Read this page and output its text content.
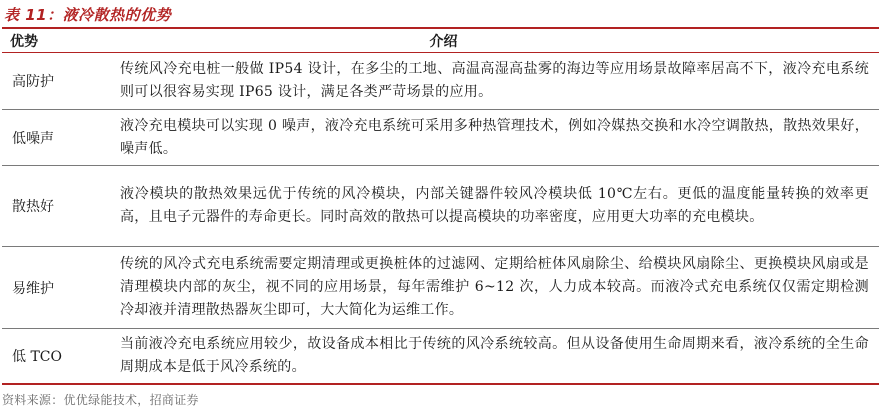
表 11：液冷散热的优势
优势	介绍
高防护
传统风冷充电桩一般做 IP54 设计，在多尘的工地、高温高湿高盐雾的海边等应用场景故障率居高不下，液冷充电系统则可以很容易实现 IP65 设计，满足各类严苛场景的应用。
低噪声
液冷充电模块可以实现 0 噪声，液冷充电系统可采用多种热管理技术，例如冷媒热交换和水冷空调散热，散热效果好，噪声低。
散热好
液冷模块的散热效果远优于传统的风冷模块，内部关键器件较风冷模块低 10℃左右。更低的温度能量转换的效率更高，且电子元器件的寿命更长。同时高效的散热可以提高模块的功率密度，应用更大功率的充电模块。
易维护
传统的风冷式充电系统需要定期清理或更换桩体的过滤网、定期给桩体风扇除尘、给模块风扇除尘、更换模块风扇或是清理模块内部的灰尘，视不同的应用场景，每年需维护 6~12 次，人力成本较高。而液冷式充电系统仅仅需定期检测冷却液并清理散热器灰尘即可，大大简化为运维工作。
低 TCO
当前液冷充电系统应用较少，故设备成本相比于传统的风冷系统较高。但从设备使用生命周期来看，液冷系统的全生命周期成本是低于风冷系统的。
资料来源：优优绿能技术，招商证券
